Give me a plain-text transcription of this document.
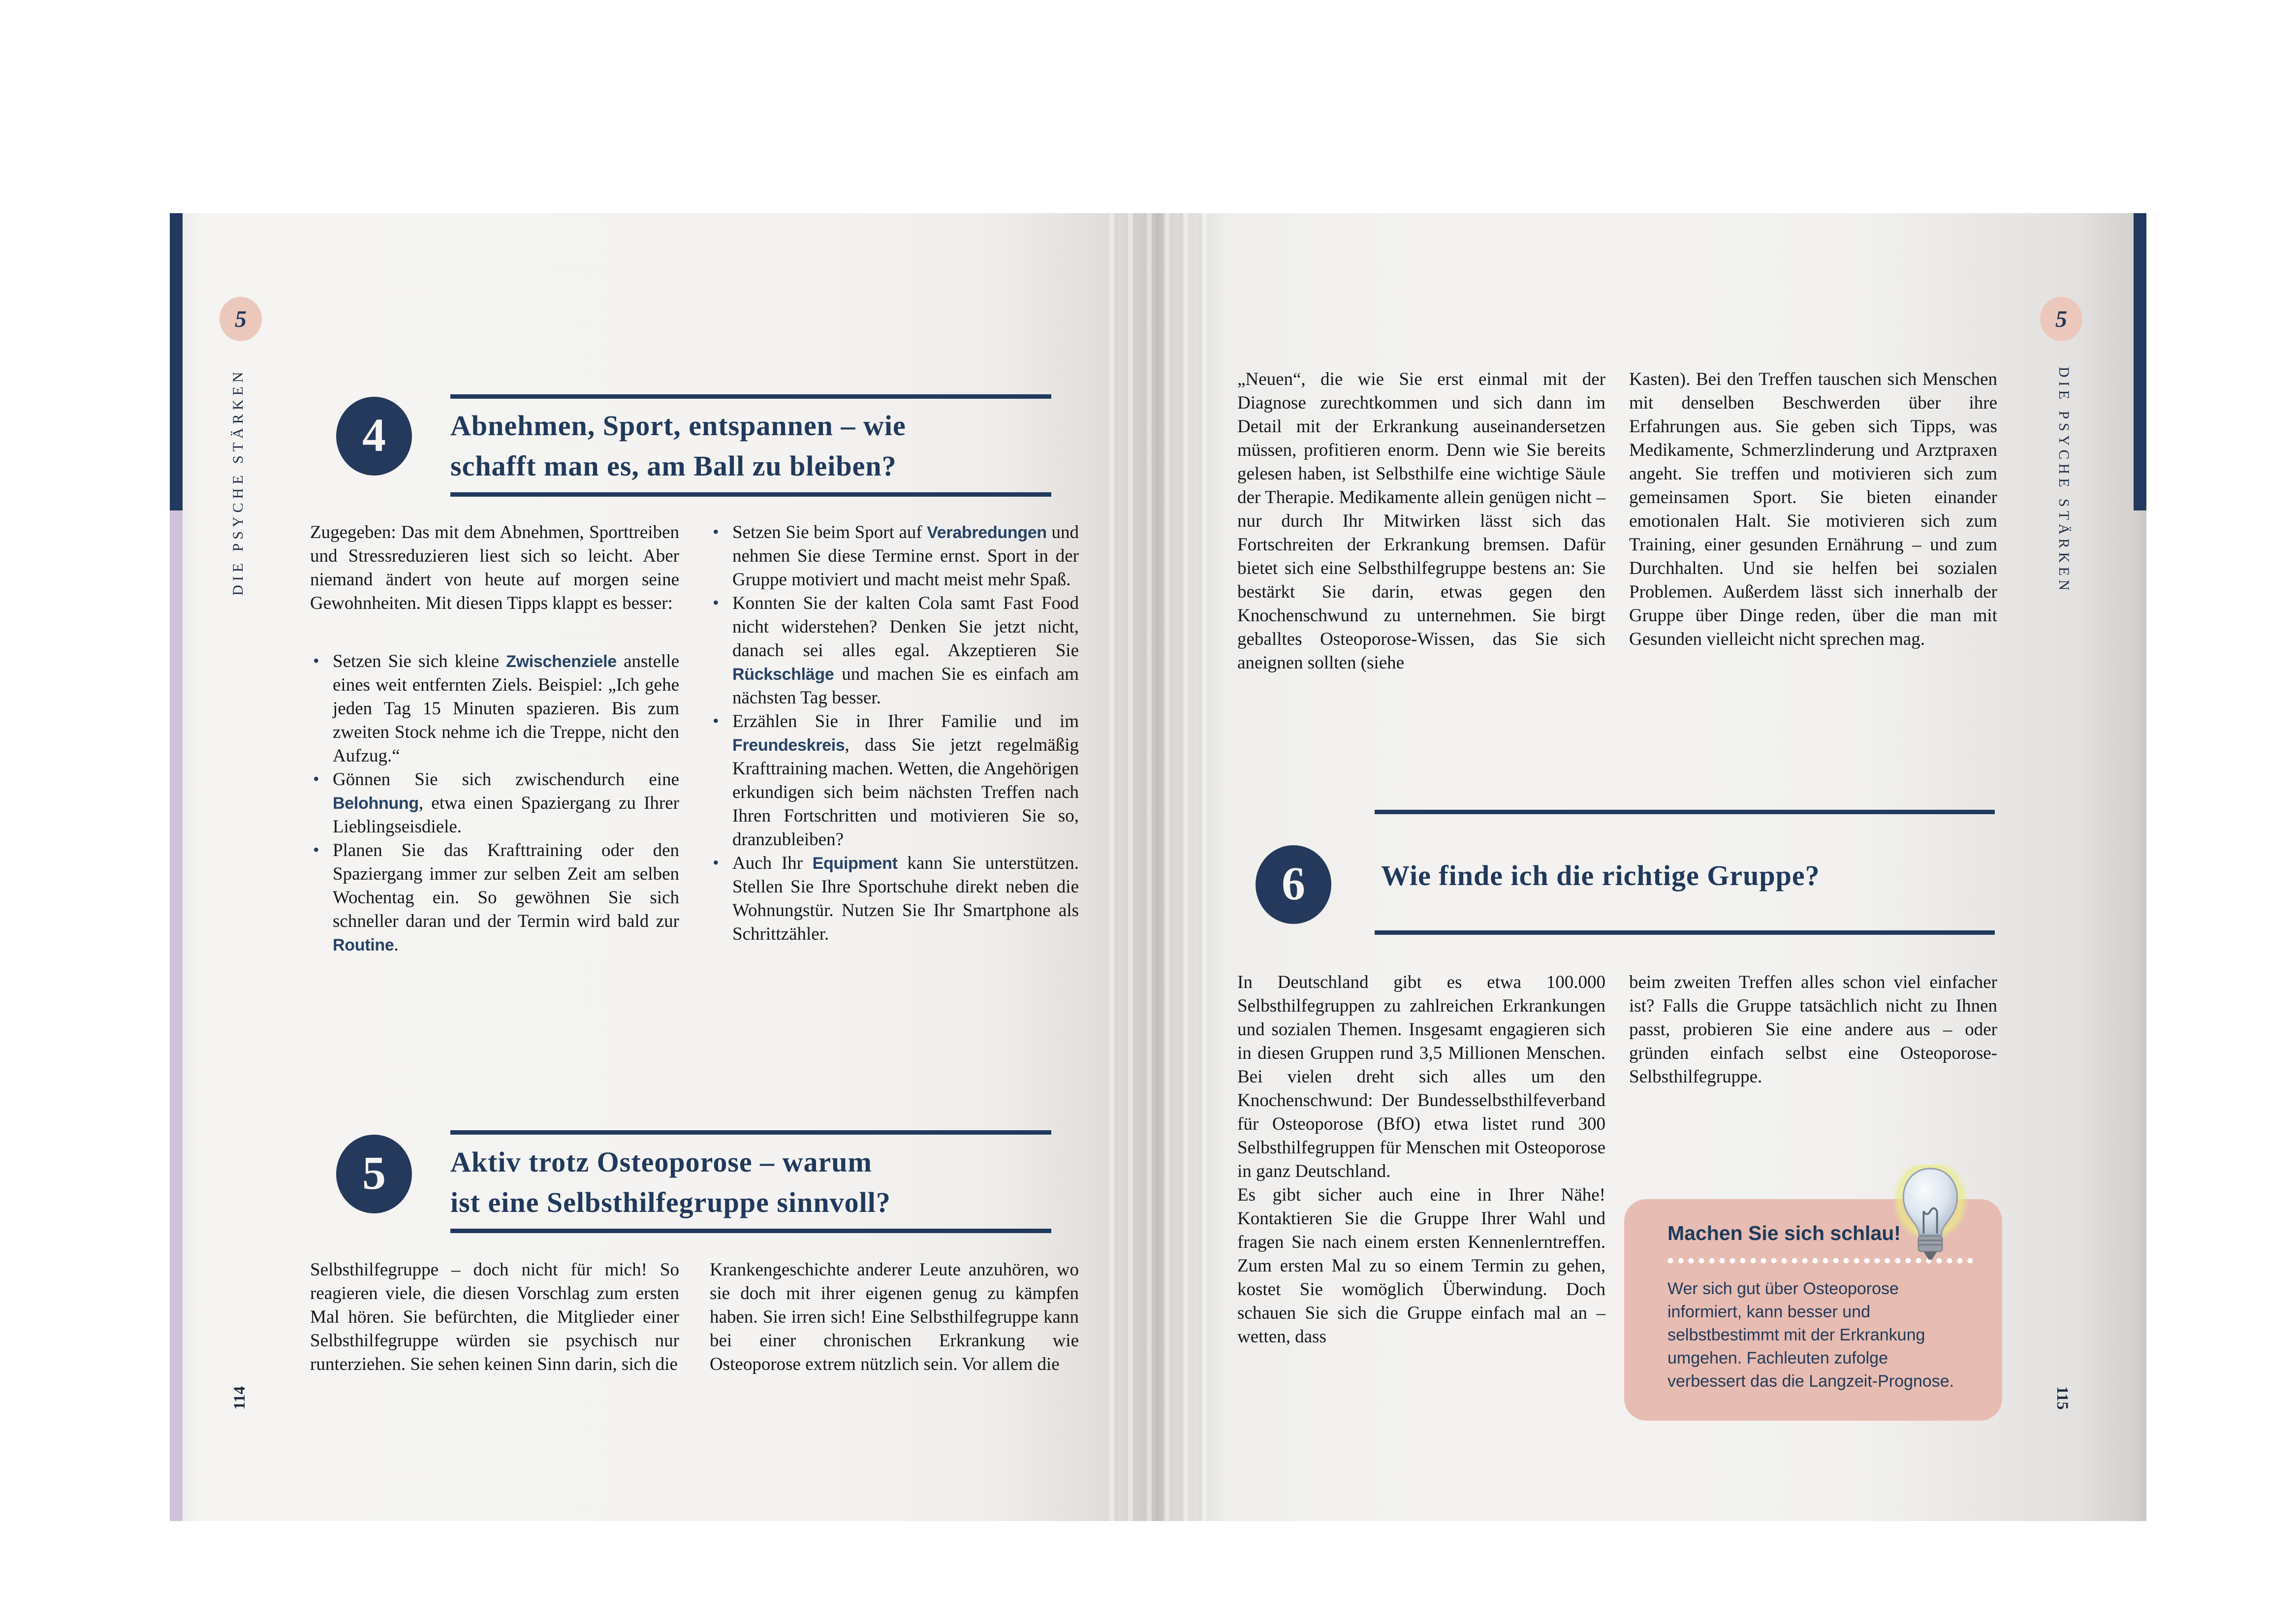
5	5
DIE PSYCHE STÄRKEN	DIE PSYCHE STÄRKEN
114	115
4 Abnehmen, Sport, entspannen – wie
schafft man es, am Ball zu bleiben?

Zugegeben: Das mit dem Abnehmen, Sporttreiben und Stressreduzieren liest sich so leicht. Aber niemand ändert von heute auf morgen seine Gewohnheiten. Mit diesen Tipps klappt es besser:

• Setzen Sie sich kleine Zwischenziele anstelle eines weit entfernten Ziels. Beispiel: „Ich gehe jeden Tag 15 Minuten spazieren. Bis zum zweiten Stock nehme ich die Treppe, nicht den Aufzug.“
• Gönnen Sie sich zwischendurch eine Belohnung, etwa einen Spaziergang zu Ihrer Lieblingseisdiele.
• Planen Sie das Krafttraining oder den Spaziergang immer zur selben Zeit am selben Wochentag ein. So gewöhnen Sie sich schneller daran und der Termin wird bald zur Routine.
• Setzen Sie beim Sport auf Verabredungen und nehmen Sie diese Termine ernst. Sport in der Gruppe motiviert und macht meist mehr Spaß.
• Konnten Sie der kalten Cola samt Fast Food nicht widerstehen? Denken Sie jetzt nicht, danach sei alles egal. Akzeptieren Sie Rückschläge und machen Sie es einfach am nächsten Tag besser.
• Erzählen Sie in Ihrer Familie und im Freundeskreis, dass Sie jetzt regelmäßig Krafttraining machen. Wetten, die Angehörigen erkundigen sich beim nächsten Treffen nach Ihren Fortschritten und motivieren Sie so, dranzubleiben?
• Auch Ihr Equipment kann Sie unterstützen. Stellen Sie Ihre Sportschuhe direkt neben die Wohnungstür. Nutzen Sie Ihr Smartphone als Schrittzähler.
5 Aktiv trotz Osteoporose – warum
ist eine Selbsthilfegruppe sinnvoll?

Selbsthilfegruppe – doch nicht für mich! So reagieren viele, die diesen Vorschlag zum ersten Mal hören. Sie befürchten, die Mitglieder einer Selbsthilfegruppe würden sie psychisch nur runterziehen. Sie sehen keinen Sinn darin, sich die

Krankengeschichte anderer Leute anzuhören, wo sie doch mit ihrer eigenen genug zu kämpfen haben. Sie irren sich! Eine Selbsthilfegruppe kann bei einer chronischen Erkrankung wie Osteoporose extrem nützlich sein. Vor allem die

„Neuen“, die wie Sie erst einmal mit der Diagnose zurechtkommen und sich dann im Detail mit der Erkrankung auseinandersetzen müssen, profitieren enorm. Denn wie Sie bereits gelesen haben, ist Selbsthilfe eine wichtige Säule der Therapie. Medikamente allein genügen nicht – nur durch Ihr Mitwirken lässt sich das Fortschreiten der Erkrankung bremsen. Dafür bietet sich eine Selbsthilfegruppe bestens an: Sie bestärkt Sie darin, etwas gegen den Knochenschwund zu unternehmen. Sie birgt geballtes Osteoporose-Wissen, das Sie sich aneignen sollten (siehe

Kasten). Bei den Treffen tauschen sich Menschen mit denselben Beschwerden über ihre Erfahrungen aus. Sie geben sich Tipps, was Medikamente, Schmerzlinderung und Arztpraxen angeht. Sie treffen und motivieren sich zum gemeinsamen Sport. Sie bieten einander emotionalen Halt. Sie motivieren sich zum Training, einer gesunden Ernährung – und zum Durchhalten. Und sie helfen bei sozialen Problemen. Außerdem lässt sich innerhalb der Gruppe über Dinge reden, über die man mit Gesunden vielleicht nicht sprechen mag.

6	Wie finde ich die richtige Gruppe?

In Deutschland gibt es etwa 100.000 Selbsthilfegruppen zu zahlreichen Erkrankungen und sozialen Themen. Insgesamt engagieren sich in diesen Gruppen rund 3,5 Millionen Menschen. Bei vielen dreht sich alles um den Knochenschwund: Der Bundesselbsthilfeverband für Osteoporose (BfO) etwa listet rund 300 Selbsthilfegruppen für Menschen mit Osteoporose in ganz Deutschland.

Es gibt sicher auch eine in Ihrer Nähe! Kontaktieren Sie die Gruppe Ihrer Wahl und fragen Sie nach einem ersten Kennenlerntreffen. Zum ersten Mal zu so einem Termin zu gehen, kostet Sie womöglich Überwindung. Doch schauen Sie sich die Gruppe einfach mal an – wetten, dass

beim zweiten Treffen alles schon viel einfacher ist? Falls die Gruppe tatsächlich nicht zu Ihnen passt, probieren Sie eine andere aus – oder gründen einfach selbst eine Osteoporose-Selbsthilfegruppe.

Machen Sie sich schlau!
Wer sich gut über Osteoporose informiert, kann besser und selbstbestimmt mit der Erkrankung umgehen. Fachleuten zufolge verbessert das die Langzeit-Prognose.
